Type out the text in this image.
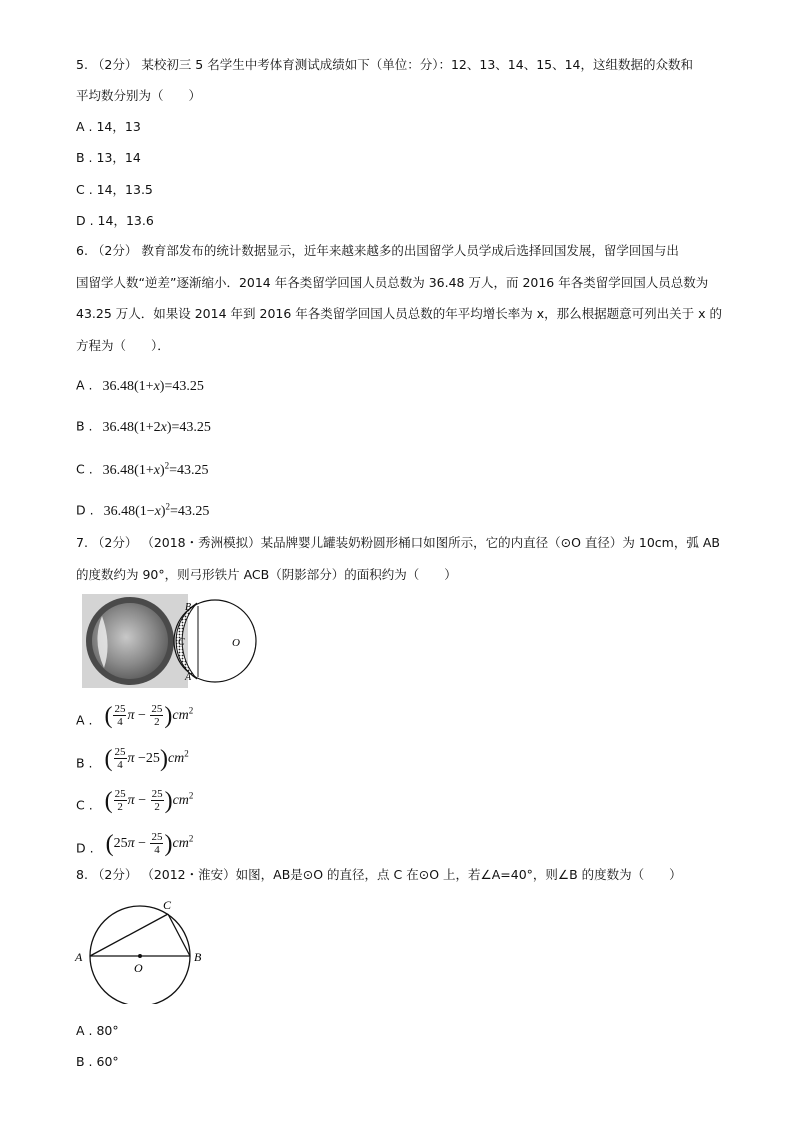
5. （2分） 某校初三 5 名学生中考体育测试成绩如下（单位：分）：12、13、14、15、14，这组数据的众数和
平均数分别为（　　）
A . 14，13
B . 13，14
C . 14，13.5
D . 14，13.6
6. （2分） 教育部发布的统计数据显示，近年来越来越多的出国留学人员学成后选择回国发展，留学回国与出
国留学人数“逆差”逐渐缩小．2014 年各类留学回国人员总数为 36.48 万人，而 2016 年各类留学回国人员总数为
43.25 万人．如果设 2014 年到 2016 年各类留学回国人员总数的年平均增长率为 x，那么根据题意可列出关于 x 的
方程为（　　）．
A . 36.48(1+x)=43.25
B . 36.48(1+2x)=43.25
C . $36.48(1+x)^2=43.25$
D . $36.48(1-x)^2=43.25$
7. （2分） （2018・秀洲模拟）某品牌婴儿罐装奶粉圆形桶口如图所示，它的内直径（⊙O 直径）为 10cm，弧 AB
的度数约为 90°，则弓形铁片 ACB（阴影部分）的面积约为（　　）
B
C
A
O
A . ( $\frac{25}{4}$ $\pi - \frac{25}{2} )cm^2$
B . ( $\frac{25}{4}$ $\pi -25)cm^2$
C . ( $\frac{25}{2}$ $\pi - \frac{25}{2} )cm^2$
D . $(25\pi - \frac{25}{4} )cm^2$
8. （2分） （2012・淮安）如图，AB是⊙O 的直径，点 C 在⊙O 上，若∠A=40°，则∠B 的度数为（　　）
A	B
C
O
A . 80°
B . 60°
